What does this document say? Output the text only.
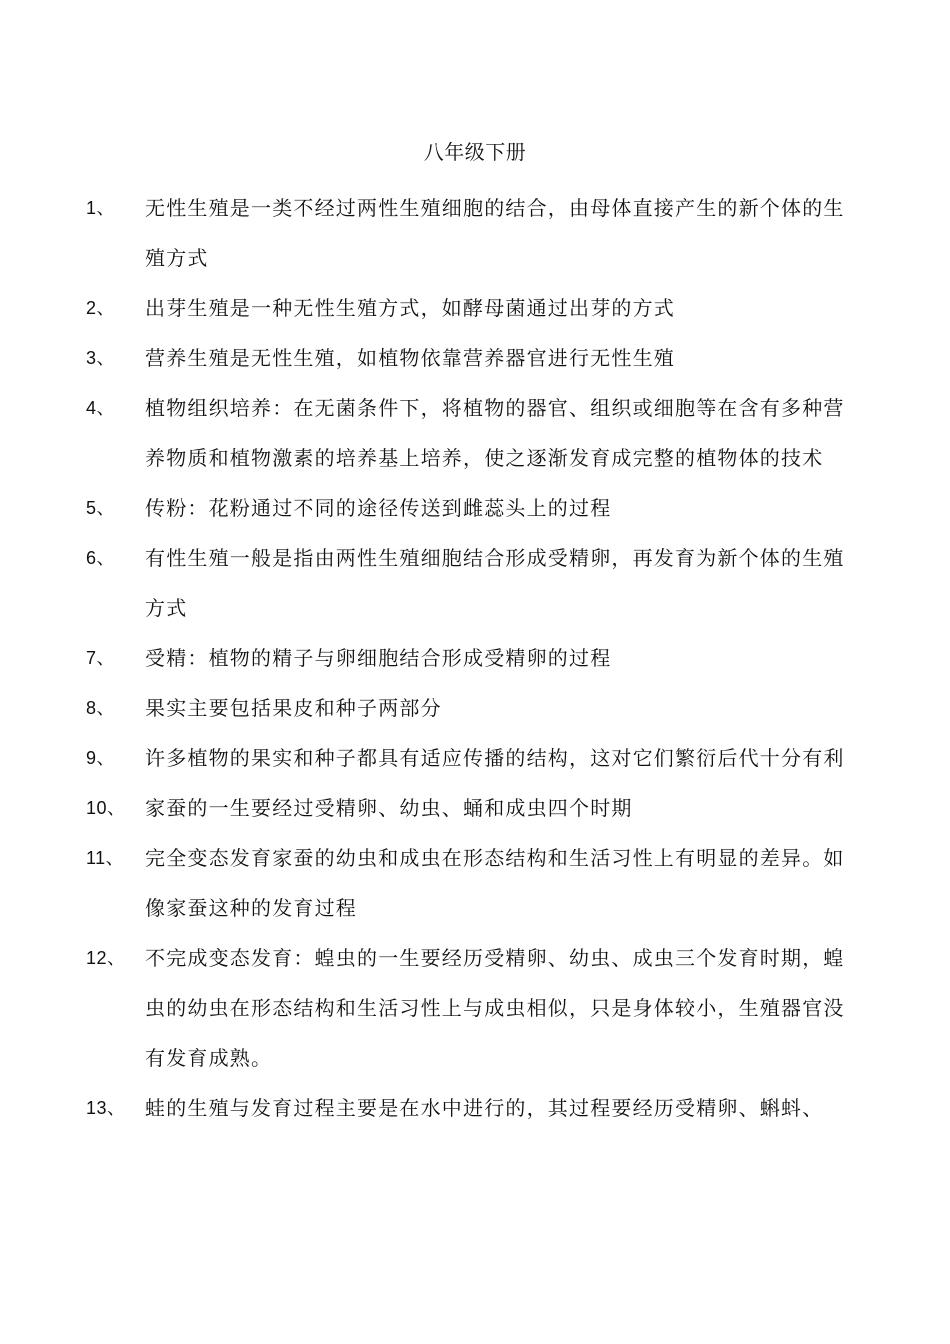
八年级下册
1、	无性生殖是一类不经过两性生殖细胞的结合，由母体直接产生的新个体的生殖方式
2、	出芽生殖是一种无性生殖方式，如酵母菌通过出芽的方式
3、	营养生殖是无性生殖，如植物依靠营养器官进行无性生殖
4、	植物组织培养：在无菌条件下，将植物的器官、组织或细胞等在含有多种营养物质和植物激素的培养基上培养，使之逐渐发育成完整的植物体的技术
5、	传粉：花粉通过不同的途径传送到雌蕊头上的过程
6、	有性生殖一般是指由两性生殖细胞结合形成受精卵，再发育为新个体的生殖方式
7、	受精：植物的精子与卵细胞结合形成受精卵的过程
8、	果实主要包括果皮和种子两部分
9、	许多植物的果实和种子都具有适应传播的结构，这对它们繁衍后代十分有利
10、 家蚕的一生要经过受精卵、幼虫、蛹和成虫四个时期
11、	完全变态发育家蚕的幼虫和成虫在形态结构和生活习性上有明显的差异。如像家蚕这种的发育过程
12、 不完成变态发育：蝗虫的一生要经历受精卵、幼虫、成虫三个发育时期，蝗虫的幼虫在形态结构和生活习性上与成虫相似，只是身体较小，生殖器官没有发育成熟。
13、 蛙的生殖与发育过程主要是在水中进行的，其过程要经历受精卵、蝌蚪、
